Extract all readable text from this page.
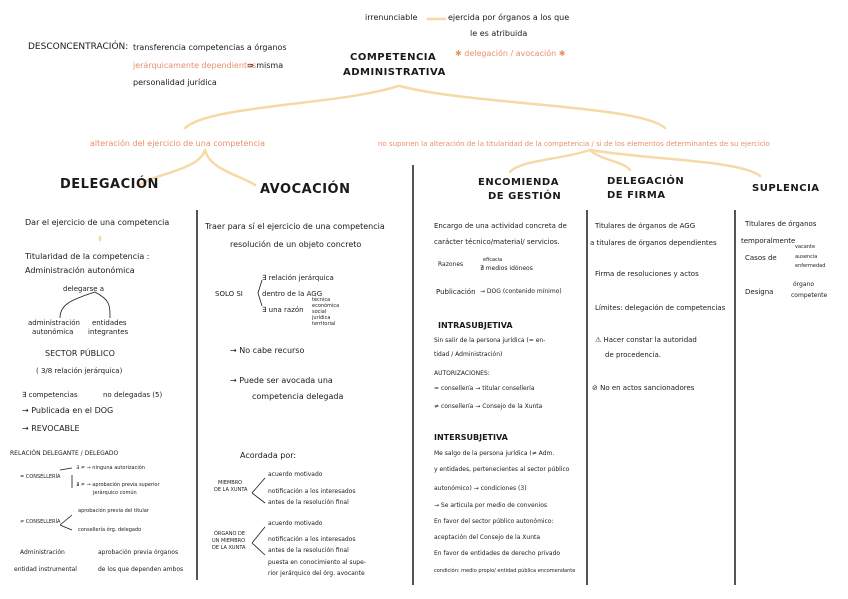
irrenunciable	ejercida por órganos a los que
le es atribuida
✱ delegación / avocación ✱
COMPETENCIA
ADMINISTRATIVA
DESCONCENTRACIÓN: transferencia competencias a órganos
jerárquicamente dependientes
⇒ misma
personalidad jurídica
alteración del ejercicio de una competencia	no suponen la alteración de la titularidad de la competencia / si de los elementos determinantes de su ejercicio
DELEGACIÓN
Dar el ejercicio de una competencia
Titularidad de la competencia :
Administración autonómica
delegarse a
administración
autonómica
entidades
integrantes
SECTOR PÚBLICO
( 3/8 relación jerárquica)
∃ competencias	no delegadas (5)
→ Publicada en el DOG
→ REVOCABLE
RELACIÓN DELEGANTE / DELEGADO
= CONSELLERÍA
∃ ≠ → ninguna autorización
∄ ≠ → aprobación previa superior
jerárquico común
≠ CONSELLERÍA
aprobación previa del titular
consellería órg. delegado
Administración
entidad instrumental
aprobación previa órganos
de los que dependen ambos
AVOCACIÓN
Traer para sí el ejercicio de una competencia
resolución de un objeto concreto
SOLO SI
∃ relación jerárquica
dentro de la AGG
∃ una razón
técnica
económica
social
jurídica
territorial
→ No cabe recurso
→ Puede ser avocada una
competencia delegada
Acordada por:
MIEMBRO
DE LA XUNTA
acuerdo motivado
notificación a los interesados
antes de la resolución final
ÓRGANO DE
UN MIEMBRO
DE LA XUNTA
acuerdo motivado
notificación a los interesados
antes de la resolución final
puesta en conocimiento al supe-
rior jerárquico del órg. avocante
ENCOMIENDA
DE GESTIÓN
Encargo de una actividad concreta de
carácter técnico/material/ servicios.
Razones
eficacia
∄ medios idóneos
Publicación → DOG (contenido mínimo)
INTRASUBJETIVA
Sin salir de la persona jurídica (= en-
tidad / Administración)
AUTORIZACIONES:
= consellería → titular consellería
≠ consellería → Consejo de la Xunta
INTERSUBJETIVA
Me salgo de la persona jurídica (≠ Adm.
y entidades, pertenecientes al sector público
autonómico) → condiciones (3)
→ Se articula por medio de convenios
En favor del sector público autonómico:
aceptación del Consejo de la Xunta
En favor de entidades de derecho privado
condición: medio propio/ entidad pública encomendante
DELEGACIÓN
DE FIRMA
Titulares de órganos de AGG
a titulares de órganos dependientes
Firma de resoluciones y actos
Límites: delegación de competencias
⚠ Hacer constar la autoridad
de procedencia.
⊘ No en actos sancionadores
SUPLENCIA
Titulares de órganos
temporalmente
Casos de
vacante
ausencia
enfermedad
Designa
órgano
competente
